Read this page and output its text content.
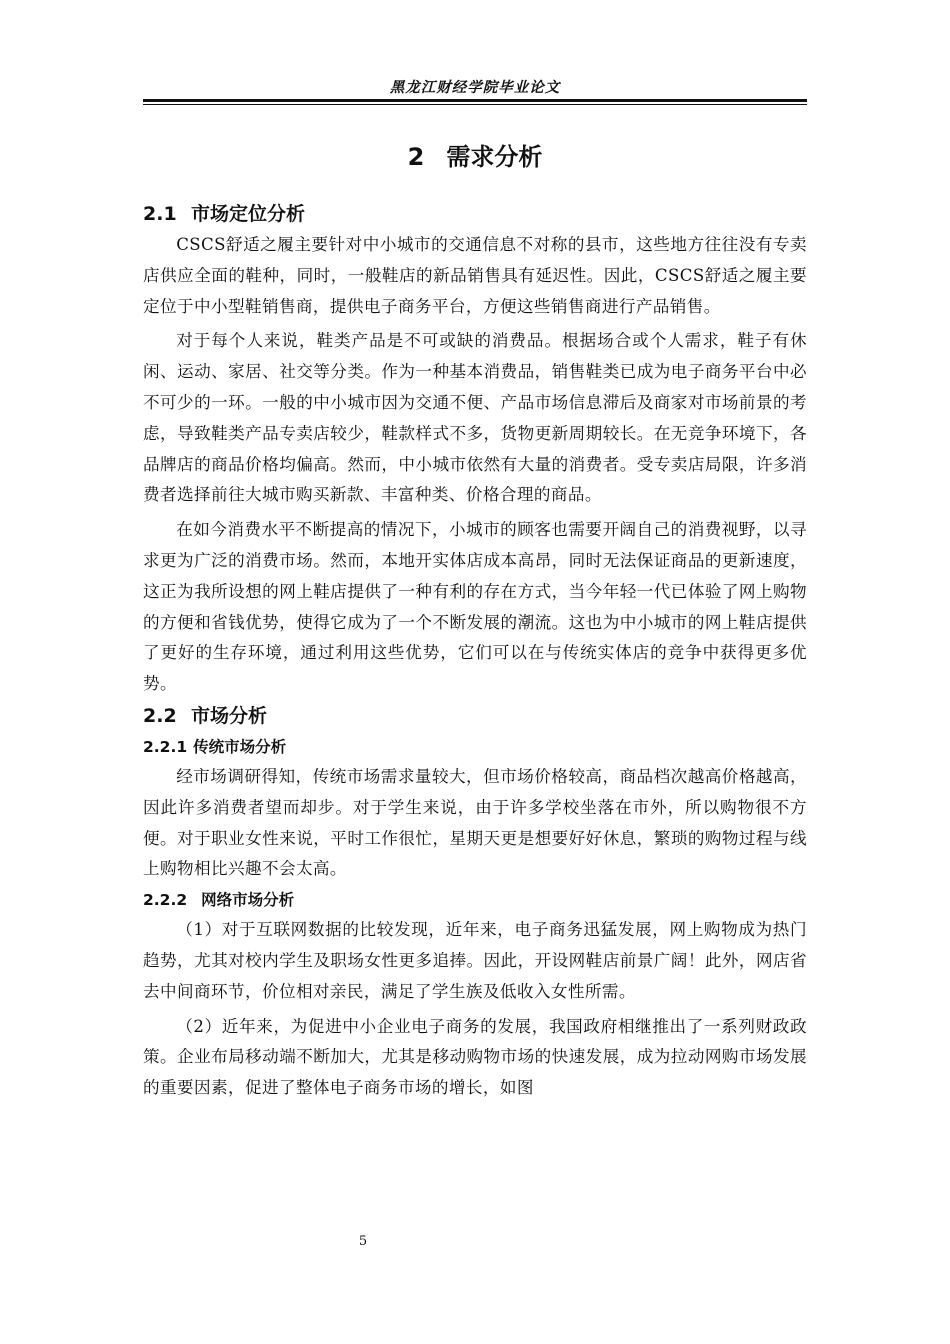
黑龙江财经学院毕业论文
2 需求分析
2.1 市场定位分析

CSCS舒适之履主要针对中小城市的交通信息不对称的县市，这些地方往往没有专卖店供应全面的鞋种，同时，一般鞋店的新品销售具有延迟性。因此，CSCS舒适之履主要定位于中小型鞋销售商，提供电子商务平台，方便这些销售商进行产品销售。

对于每个人来说，鞋类产品是不可或缺的消费品。根据场合或个人需求，鞋子有休闲、运动、家居、社交等分类。作为一种基本消费品，销售鞋类已成为电子商务平台中必不可少的一环。一般的中小城市因为交通不便、产品市场信息滞后及商家对市场前景的考虑，导致鞋类产品专卖店较少，鞋款样式不多，货物更新周期较长。在无竞争环境下，各品牌店的商品价格均偏高。然而，中小城市依然有大量的消费者。受专卖店局限，许多消费者选择前往大城市购买新款、丰富种类、价格合理的商品。

在如今消费水平不断提高的情况下，小城市的顾客也需要开阔自己的消费视野，以寻求更为广泛的消费市场。然而，本地开实体店成本高昂，同时无法保证商品的更新速度，这正为我所设想的网上鞋店提供了一种有利的存在方式，当今年轻一代已体验了网上购物的方便和省钱优势，使得它成为了一个不断发展的潮流。这也为中小城市的网上鞋店提供了更好的生存环境，通过利用这些优势，它们可以在与传统实体店的竞争中获得更多优势。

2.2 市场分析
2.2.1 传统市场分析

经市场调研得知，传统市场需求量较大，但市场价格较高，商品档次越高价格越高，因此许多消费者望而却步。对于学生来说，由于许多学校坐落在市外，所以购物很不方便。对于职业女性来说，平时工作很忙，星期天更是想要好好休息，繁琐的购物过程与线上购物相比兴趣不会太高。

2.2.2 网络市场分析

（1）对于互联网数据的比较发现，近年来，电子商务迅猛发展，网上购物成为热门趋势，尤其对校内学生及职场女性更多追捧。因此，开设网鞋店前景广阔！此外，网店省去中间商环节，价位相对亲民，满足了学生族及低收入女性所需。

（2）近年来，为促进中小企业电子商务的发展，我国政府相继推出了一系列财政政策。企业布局移动端不断加大，尤其是移动购物市场的快速发展，成为拉动网购市场发展的重要因素，促进了整体电子商务市场的增长，如图

5
